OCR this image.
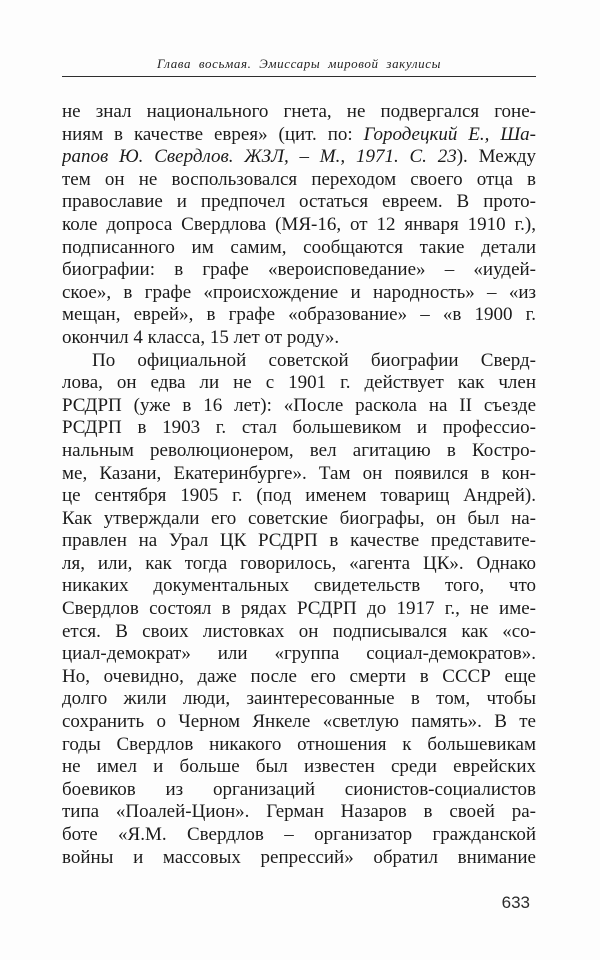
Глава восьмая. Эмиссары мировой закулисы
не знал национального гнета, не подвергался гоне-
ниям в качестве еврея» (цит. по: Городецкий Е., Ша-
рапов Ю. Свердлов. ЖЗЛ, – М., 1971. С. 23). Между
тем он не воспользовался переходом своего отца в
православие и предпочел остаться евреем. В прото-
коле допроса Свердлова (МЯ-16, от 12 января 1910 г.),
подписанного им самим, сообщаются такие детали
биографии: в графе «вероисповедание» – «иудей-
ское», в графе «происхождение и народность» – «из
мещан, еврей», в графе «образование» – «в 1900 г.
окончил 4 класса, 15 лет от роду».
По официальной советской биографии Сверд-
лова, он едва ли не с 1901 г. действует как член
РСДРП (уже в 16 лет): «После раскола на II съезде
РСДРП в 1903 г. стал большевиком и профессио-
нальным революционером, вел агитацию в Костро-
ме, Казани, Екатеринбурге». Там он появился в кон-
це сентября 1905 г. (под именем товарищ Андрей).
Как утверждали его советские биографы, он был на-
правлен на Урал ЦК РСДРП в качестве представите-
ля, или, как тогда говорилось, «агента ЦК». Однако
никаких документальных свидетельств того, что
Свердлов состоял в рядах РСДРП до 1917 г., не име-
ется. В своих листовках он подписывался как «со-
циал-демократ» или «группа социал-демократов».
Но, очевидно, даже после его смерти в СССР еще
долго жили люди, заинтересованные в том, чтобы
сохранить о Черном Янкеле «светлую память». В те
годы Свердлов никакого отношения к большевикам
не имел и больше был известен среди еврейских
боевиков из организаций сионистов-социалистов
типа «Поалей-Цион». Герман Назаров в своей ра-
боте «Я.М. Свердлов – организатор гражданской
войны и массовых репрессий» обратил внимание
633
